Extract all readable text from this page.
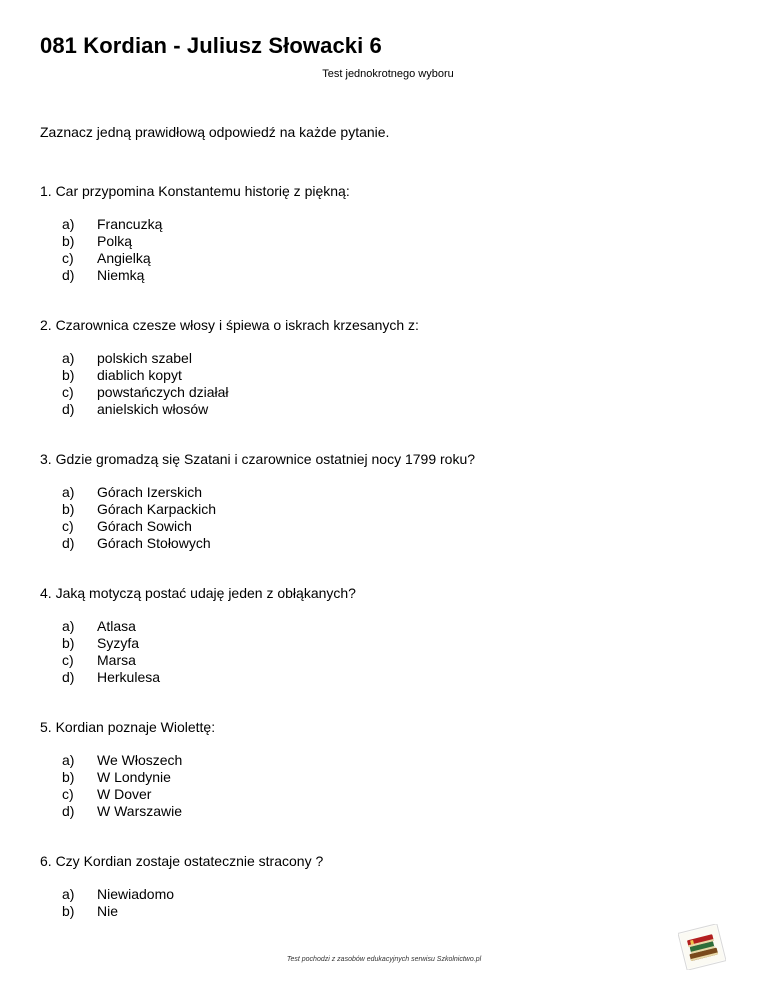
081 Kordian - Juliusz Słowacki 6
Test jednokrotnego wyboru
Zaznacz jedną prawidłową odpowiedź na każde pytanie.
1. Car przypomina Konstantemu historię z piękną:
a)	Francuzką
b)	Polką
c)	Angielką
d)	Niemką
2. Czarownica czesze włosy i śpiewa o iskrach krzesanych z:
a)	polskich szabel
b)	diablich kopyt
c)	powstańczych działał
d)	anielskich włosów
3. Gdzie gromadzą się Szatani i czarownice ostatniej nocy 1799 roku?
a)	Górach Izerskich
b)	Górach Karpackich
c)	Górach Sowich
d)	Górach Stołowych
4. Jaką motyczą postać udaję jeden z obłąkanych?
a)	Atlasa
b)	Syzyfa
c)	Marsa
d)	Herkulesa
5. Kordian poznaje Wiolettę:
a)	We Włoszech
b)	W Londynie
c)	W Dover
d)	W Warszawie
6. Czy Kordian zostaje ostatecznie stracony ?
a)	Niewiadomo
b)	Nie
Test pochodzi z zasobów edukacyjnych serwisu Szkolnictwo.pl
